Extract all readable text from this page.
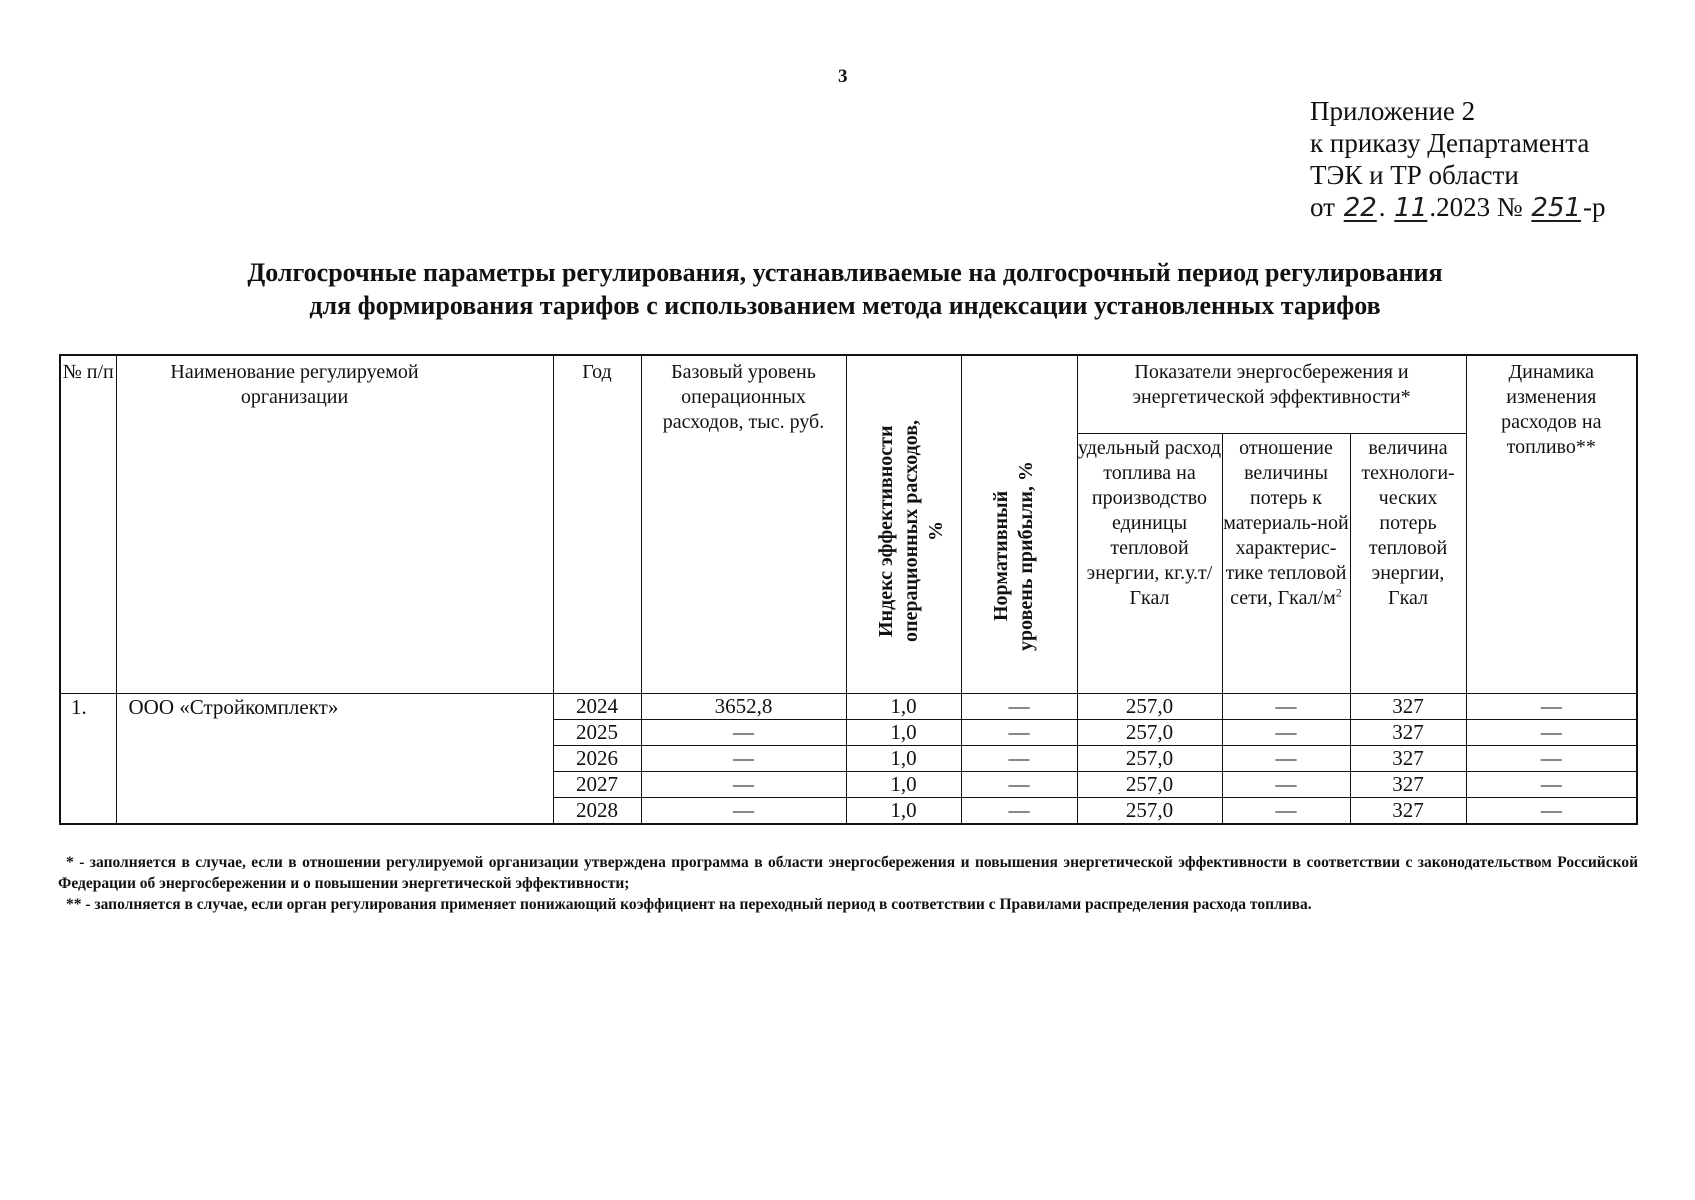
3
Приложение 2
к приказу Департамента
ТЭК и ТР области
от 22. 11.2023 № 251-р
Долгосрочные параметры регулирования, устанавливаемые на долгосрочный период регулирования
для формирования тарифов с использованием метода индексации установленных тарифов
№ п/п	Наименование регулируемой организации	Год	Базовый уровень операционных расходов, тыс. руб.	Индекс эффективности операционных расходов, %	Нормативный уровень прибыли, %	Показатели энергосбережения и энергетической эффективности*			Динамика изменения расходов на топливо**
						удельный расход топлива на производство единицы тепловой энергии, кг.у.т/Гкал	отношение величины потерь к материаль-ной характерис-тике тепловой сети, Гкал/$м^2$	величина технологи-ческих потерь тепловой энергии, Гкал	
1.	ООО «Стройкомплект»	2024	3652,8	1,0	—	257,0	—	327	—
		2025	—	1,0	—	257,0	—	327	—
		2026	—	1,0	—	257,0	—	327	—
		2027	—	1,0	—	257,0	—	327	—
		2028	—	1,0	—	257,0	—	327	—

* - заполняется в случае, если в отношении регулируемой организации утверждена программа в области энергосбережения и повышения энергетической эффективности в соответствии с законодательством Российской Федерации об энергосбережении и о повышении энергетической эффективности;

** - заполняется в случае, если орган регулирования применяет понижающий коэффициент на переходный период в соответствии с Правилами распределения расхода топлива.
